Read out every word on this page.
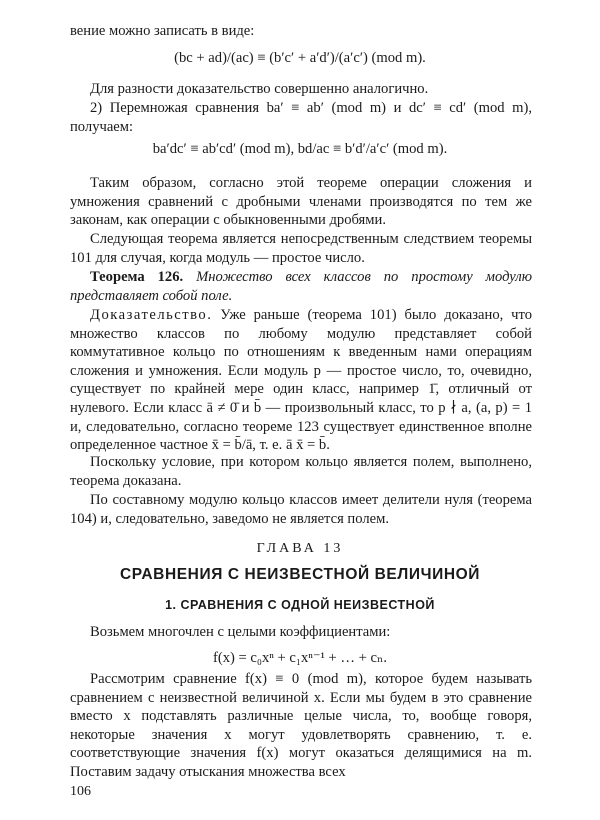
вение можно записать в виде:

(bc + ad)/(ac) ≡ (b′c′ + a′d′)/(a′c′) (mod m).

Для разности доказательство совершенно аналогично.

2) Перемножая сравнения ba′ ≡ ab′ (mod m) и dc′ ≡ cd′ (mod m), получаем:

ba′dc′ ≡ ab′cd′ (mod m), bd/ac ≡ b′d′/a′c′ (mod m).

Таким образом, согласно этой теореме операции сложения и умножения сравнений с дробными членами производятся по тем же законам, как операции с обыкновенными дробями.

Следующая теорема является непосредственным следствием теоремы 101 для случая, когда модуль — простое число.

Теорема 126. Множество всех классов по простому модулю представляет собой поле.

Доказательство. Уже раньше (теорема 101) было доказано, что множество классов по любому модулю представляет собой коммутативное кольцо по отношениям к введенным нами операциям сложения и умножения. Если модуль p — простое число, то, очевидно, существует по крайней мере один класс, например 1̄, отличный от нулевого. Если класс ā ≠ 0̄ и b̄ — произвольный класс, то p ∤ a, (a, p) = 1 и, следовательно, согласно теореме 123 существует единственное вполне определенное частное x̄ = b̄/ā, т. е. ā x̄ = b̄.

Поскольку условие, при котором кольцо является полем, выполнено, теорема доказана.

По составному модулю кольцо классов имеет делители нуля (теорема 104) и, следовательно, заведомо не является полем.

ГЛАВА 13
СРАВНЕНИЯ С НЕИЗВЕСТНОЙ ВЕЛИЧИНОЙ
1. СРАВНЕНИЯ С ОДНОЙ НЕИЗВЕСТНОЙ

Возьмем многочлен с целыми коэффициентами:

f(x) = c₀xⁿ + c₁xⁿ⁻¹ + … + cₙ.

Рассмотрим сравнение f(x) ≡ 0 (mod m), которое будем называть сравнением с неизвестной величиной x. Если мы будем в это сравнение вместо x подставлять различные целые числа, то, вообще говоря, некоторые значения x могут удовлетворять сравнению, т. е. соответствующие значения f(x) могут оказаться делящимися на m. Поставим задачу отыскания множества всех

106
